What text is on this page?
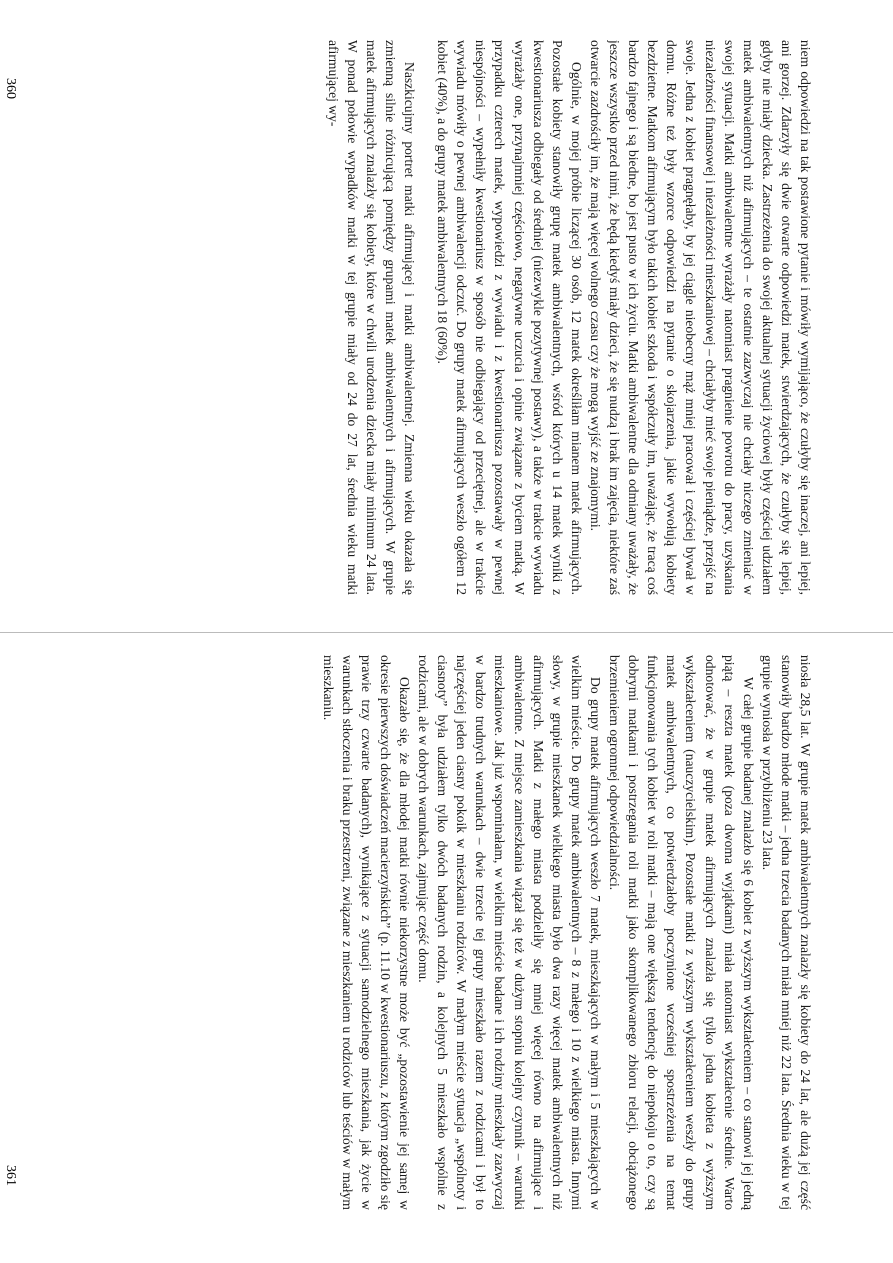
niem odpowiedzi na tak postawione pytanie i mówiły wymijająco, że czułyby się inaczej, ani lepiej, ani gorzej. Zdarzyły się dwie otwarte odpowiedzi matek, stwierdzających, że czułyby się lepiej, gdyby nie miały dziecka. Zastrzeżenia do swojej aktualnej sytuacji życiowej były częściej udziałem matek ambiwalentnych niż afirmujących – te ostatnie zazwyczaj nie chciały niczego zmieniać w swojej sytuacji. Matki ambiwalentne wyrażały natomiast pragnienie powrotu do pracy, uzyskania niezależności finansowej i niezależności mieszkaniowej – chciałyby mieć swoje pieniądze, przejść na swoje. Jedna z kobiet pragnęłaby, by jej ciągle nieobecny mąż mniej pracował i częściej bywał w domu. Różne też były wzorce odpowiedzi na pytanie o skojarzenia, jakie wywołują kobiety bezdzietne. Matkom afirmującym było takich kobiet szkoda i współczuły im, uważając, że tracą coś bardzo fajnego i są biedne, bo jest pusto w ich życiu. Matki ambiwalentne dla odmiany uważały, że jeszcze wszystko przed nimi, że będą kiedyś miały dzieci, że się nudzą i brak im zajęcia, niektóre zaś otwarcie zazdrościły im, że mają więcej wolnego czasu czy że mogą wyjść ze znajomymi.

Ogólnie, w mojej próbie liczącej 30 osób, 12 matek określiłam mianem matek afirmujących. Pozostałe kobiety stanowiły grupę matek ambiwalentnych, wśród których u 14 matek wyniki z kwestionariusza odbiegały od średniej (niezwykle pozytywnej postawy), a także w trakcie wywiadu wyrażały one, przynajmniej częściowo, negatywne uczucia i opinie związane z byciem matką. W przypadku czterech matek, wypowiedzi z wywiadu i z kwestionariusza pozostawały w pewnej niespójności – wypełniły kwestionariusz w sposób nie odbiegający od przeciętnej, ale w trakcie wywiadu mówiły o pewnej ambiwalencji odczuć. Do grupy matek afirmujących weszło ogółem 12 kobiet (40%), a do grupy matek ambiwalentnych 18 (60%).

Naszkicujmy portret matki afirmującej i matki ambiwalentnej. Zmienna wieku okazała się zmienną silnie różnicującą pomiędzy grupami matek ambiwalentnych i afirmujących. W grupie matek afirmujących znalazły się kobiety, które w chwili urodzenia dziecka miały minimum 24 lata. W ponad połowie wypadków matki w tej grupie miały od 24 do 27 lat, średnia wieku matki afirmującej wy-

360

niosła 28,5 lat. W grupie matek ambiwalentnych znalazły się kobiety do 24 lat, ale dużą jej część stanowiły bardzo młode matki – jedna trzecia badanych miała mniej niż 22 lata. Średnia wieku w tej grupie wyniosła w przybliżeniu 23 lata.

W całej grupie badanej znalazło się 6 kobiet z wyższym wykształceniem – co stanowi jej jedną piątą – reszta matek (poza dwoma wyjątkami) miała natomiast wykształcenie średnie. Warto odnotować, że w grupie matek afirmujących znalazła się tylko jedna kobieta z wyższym wykształceniem (nauczycielskim). Pozostałe matki z wyższym wykształceniem weszły do grupy matek ambiwalentnych, co potwierdzałoby poczynione wcześniej spostrzeżenia na temat funkcjonowania tych kobiet w roli matki – mają one większą tendencję do niepokoju o to, czy są dobrymi matkami i postrzegania roli matki jako skomplikowanego zbioru relacji, obciążonego brzemieniem ogromnej odpowiedzialności.

Do grupy matek afirmujących weszło 7 matek, mieszkających w małym i 5 mieszkających w wielkim mieście. Do grupy matek ambiwalentnych – 8 z małego i 10 z wielkiego miasta. Innymi słowy, w grupie mieszkanek wielkiego miasta było dwa razy więcej matek ambiwalentnych niż afirmujących. Matki z małego miasta podzieliły się mniej więcej równo na afirmujące i ambiwalentne. Z miejsce zamieszkania wiązał się też w dużym stopniu kolejny czynnik – warunki mieszkaniowe. Jak już wspominałam, w wielkim mieście badane i ich rodziny mieszkały zazwyczaj w bardzo trudnych warunkach – dwie trzecie tej grupy mieszkało razem z rodzicami i był to najczęściej jeden ciasny pokoik w mieszkaniu rodziców. W małym mieście sytuacja „wspólnoty i ciasnoty” była udziałem tylko dwóch badanych rodzin, a kolejnych 5 mieszkało wspólnie z rodzicami, ale w dobrych warunkach, zajmując część domu.

Okazało się, że dla młodej matki równie niekorzystne może być „pozostawienie jej samej w okresie pierwszych doświadczeń macierzyńskich” (p. 11.10 w kwestionariuszu, z którym zgodziło się prawie trzy czwarte badanych), wynikające z sytuacji samodzielnego mieszkania, jak życie w warunkach stłoczenia i braku przestrzeni, związane z mieszkaniem u rodziców lub teściów w małym mieszkaniu.

361
